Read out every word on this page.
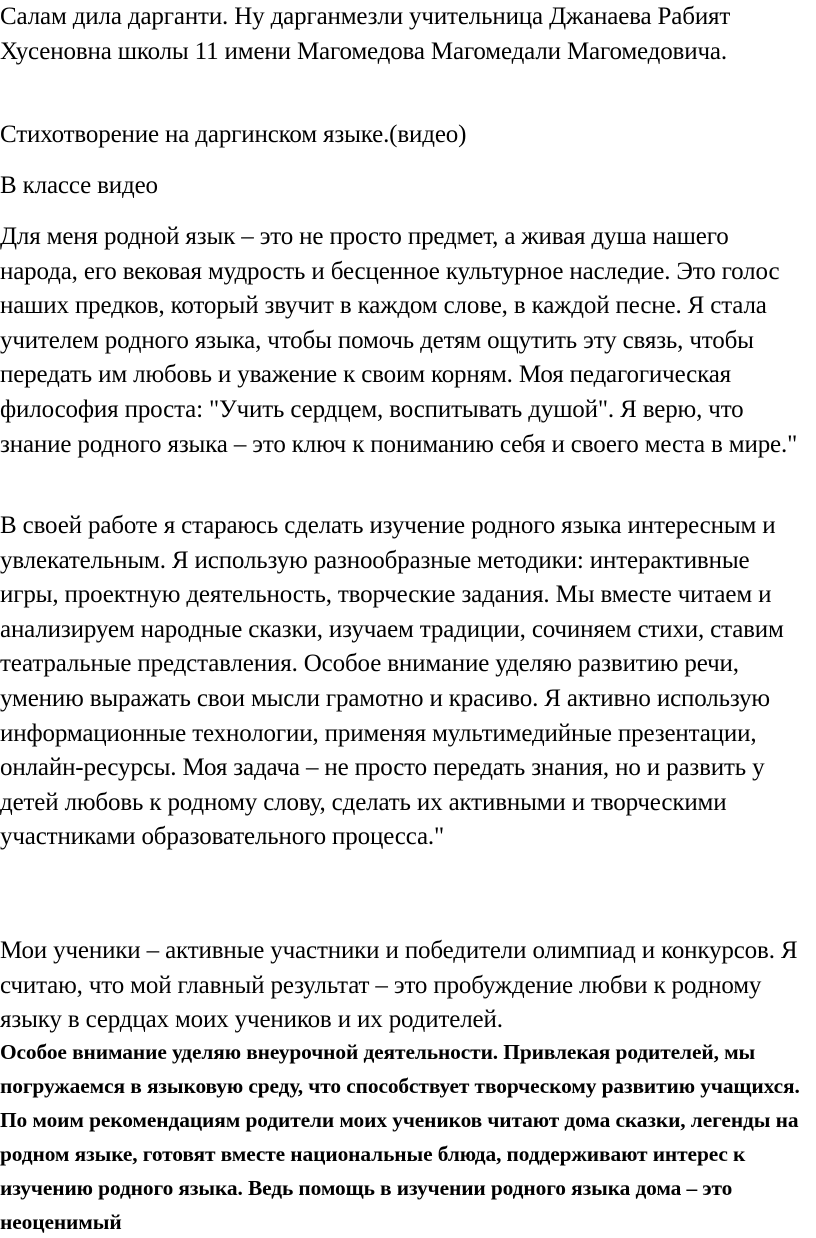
Салам дила дарганти. Ну дарганмезли учительница Джанаева Рабият Хусеновна школы 11 имени Магомедова Магомедали Магомедовича.

Стихотворение на даргинском языке.(видео)

В классе видео

Для меня родной язык – это не просто предмет, а живая душа нашего народа, его вековая мудрость и бесценное культурное наследие. Это голос наших предков, который звучит в каждом слове, в каждой песне. Я стала учителем родного языка, чтобы помочь детям ощутить эту связь, чтобы передать им любовь и уважение к своим корням. Моя педагогическая философия проста: "Учить сердцем, воспитывать душой". Я верю, что знание родного языка – это ключ к пониманию себя и своего места в мире."

В своей работе я стараюсь сделать изучение родного языка интересным и увлекательным. Я использую разнообразные методики: интерактивные игры, проектную деятельность, творческие задания. Мы вместе читаем и анализируем народные сказки, изучаем традиции, сочиняем стихи, ставим театральные представления. Особое внимание уделяю развитию речи, умению выражать свои мысли грамотно и красиво. Я активно использую информационные технологии, применяя мультимедийные презентации, онлайн-ресурсы. Моя задача – не просто передать знания, но и развить у детей любовь к родному слову, сделать их активными и творческими участниками образовательного процесса."

Мои ученики – активные участники и победители олимпиад и конкурсов. Я считаю, что мой главный результат – это пробуждение любви к родному языку в сердцах моих учеников и их родителей.

Особое внимание уделяю внеурочной деятельности. Привлекая родителей, мы погружаемся в языковую среду, что способствует творческому развитию учащихся. По моим рекомендациям родители моих учеников читают дома сказки, легенды на родном языке, готовят вместе национальные блюда, поддерживают интерес к изучению родного языка. Ведь помощь в изучении родного языка дома – это неоценимый
